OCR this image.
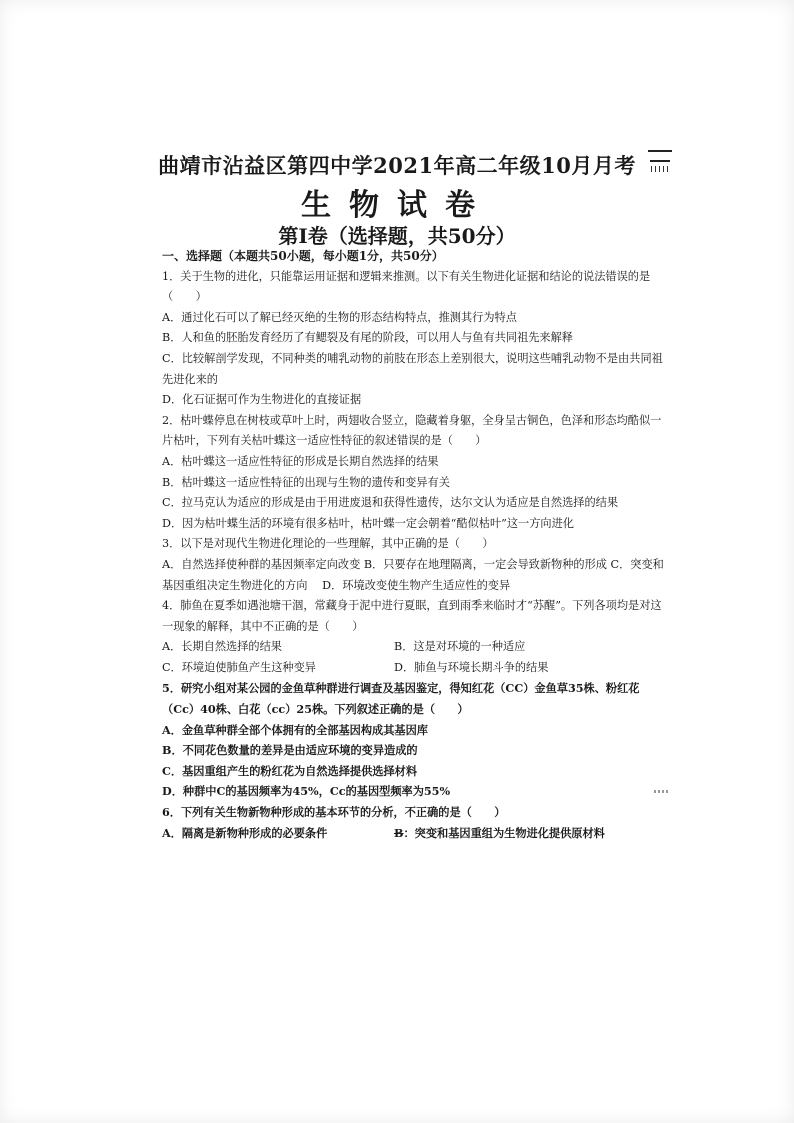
曲靖市沾益区第四中学2021年高二年级10月月考
生物试卷
第Ⅰ卷（选择题，共50分）

一、选择题（本题共50小题，每小题1分，共50分）

1．关于生物的进化，只能靠运用证据和逻辑来推测。以下有关生物进化证据和结论的说法错误的是（　　）

A．通过化石可以了解已经灭绝的生物的形态结构特点，推测其行为特点

B．人和鱼的胚胎发育经历了有鳃裂及有尾的阶段，可以用人与鱼有共同祖先来解释

C．比较解剖学发现，不同种类的哺乳动物的前肢在形态上差别很大，说明这些哺乳动物不是由共同祖先进化来的

D．化石证据可作为生物进化的直接证据

2．枯叶蝶停息在树枝或草叶上时，两翅收合竖立，隐藏着身躯，全身呈古铜色，色泽和形态均酷似一片枯叶，下列有关枯叶蝶这一适应性特征的叙述错误的是（　　）

A．枯叶蝶这一适应性特征的形成是长期自然选择的结果

B．枯叶蝶这一适应性特征的出现与生物的遗传和变异有关

C．拉马克认为适应的形成是由于用进废退和获得性遗传，达尔文认为适应是自然选择的结果

D．因为枯叶蝶生活的环境有很多枯叶，枯叶蝶一定会朝着“酷似枯叶”这一方向进化

3．以下是对现代生物进化理论的一些理解，其中正确的是（　　）

A．自然选择使种群的基因频率定向改变 B．只要存在地理隔离，一定会导致新物种的形成 C．突变和基因重组决定生物进化的方向　 D．环境改变使生物产生适应性的变异

4．肺鱼在夏季如遇池塘干涸，常藏身于泥中进行夏眠，直到雨季来临时才“苏醒”。下列各项均是对这一现象的解释，其中不正确的是（　　）

A．长期自然选择的结果	B．这是对环境的一种适应
C．环境迫使肺鱼产生这种变异	D．肺鱼与环境长期斗争的结果

5．研究小组对某公园的金鱼草种群进行调查及基因鉴定，得知红花（CC）金鱼草35株、粉红花（Cc）40株、白花（cc）25株。下列叙述正确的是（　　）

A．金鱼草种群全部个体拥有的全部基因构成其基因库

B．不同花色数量的差异是由适应环境的变异造成的

C．基因重组产生的粉红花为自然选择提供选择材料

D．种群中C的基因频率为45%，Cc的基因型频率为55%

6．下列有关生物新物种形成的基本环节的分析，不正确的是（　　）

A．隔离是新物种形成的必要条件	B：突变和基因重组为生物进化提供原材料
